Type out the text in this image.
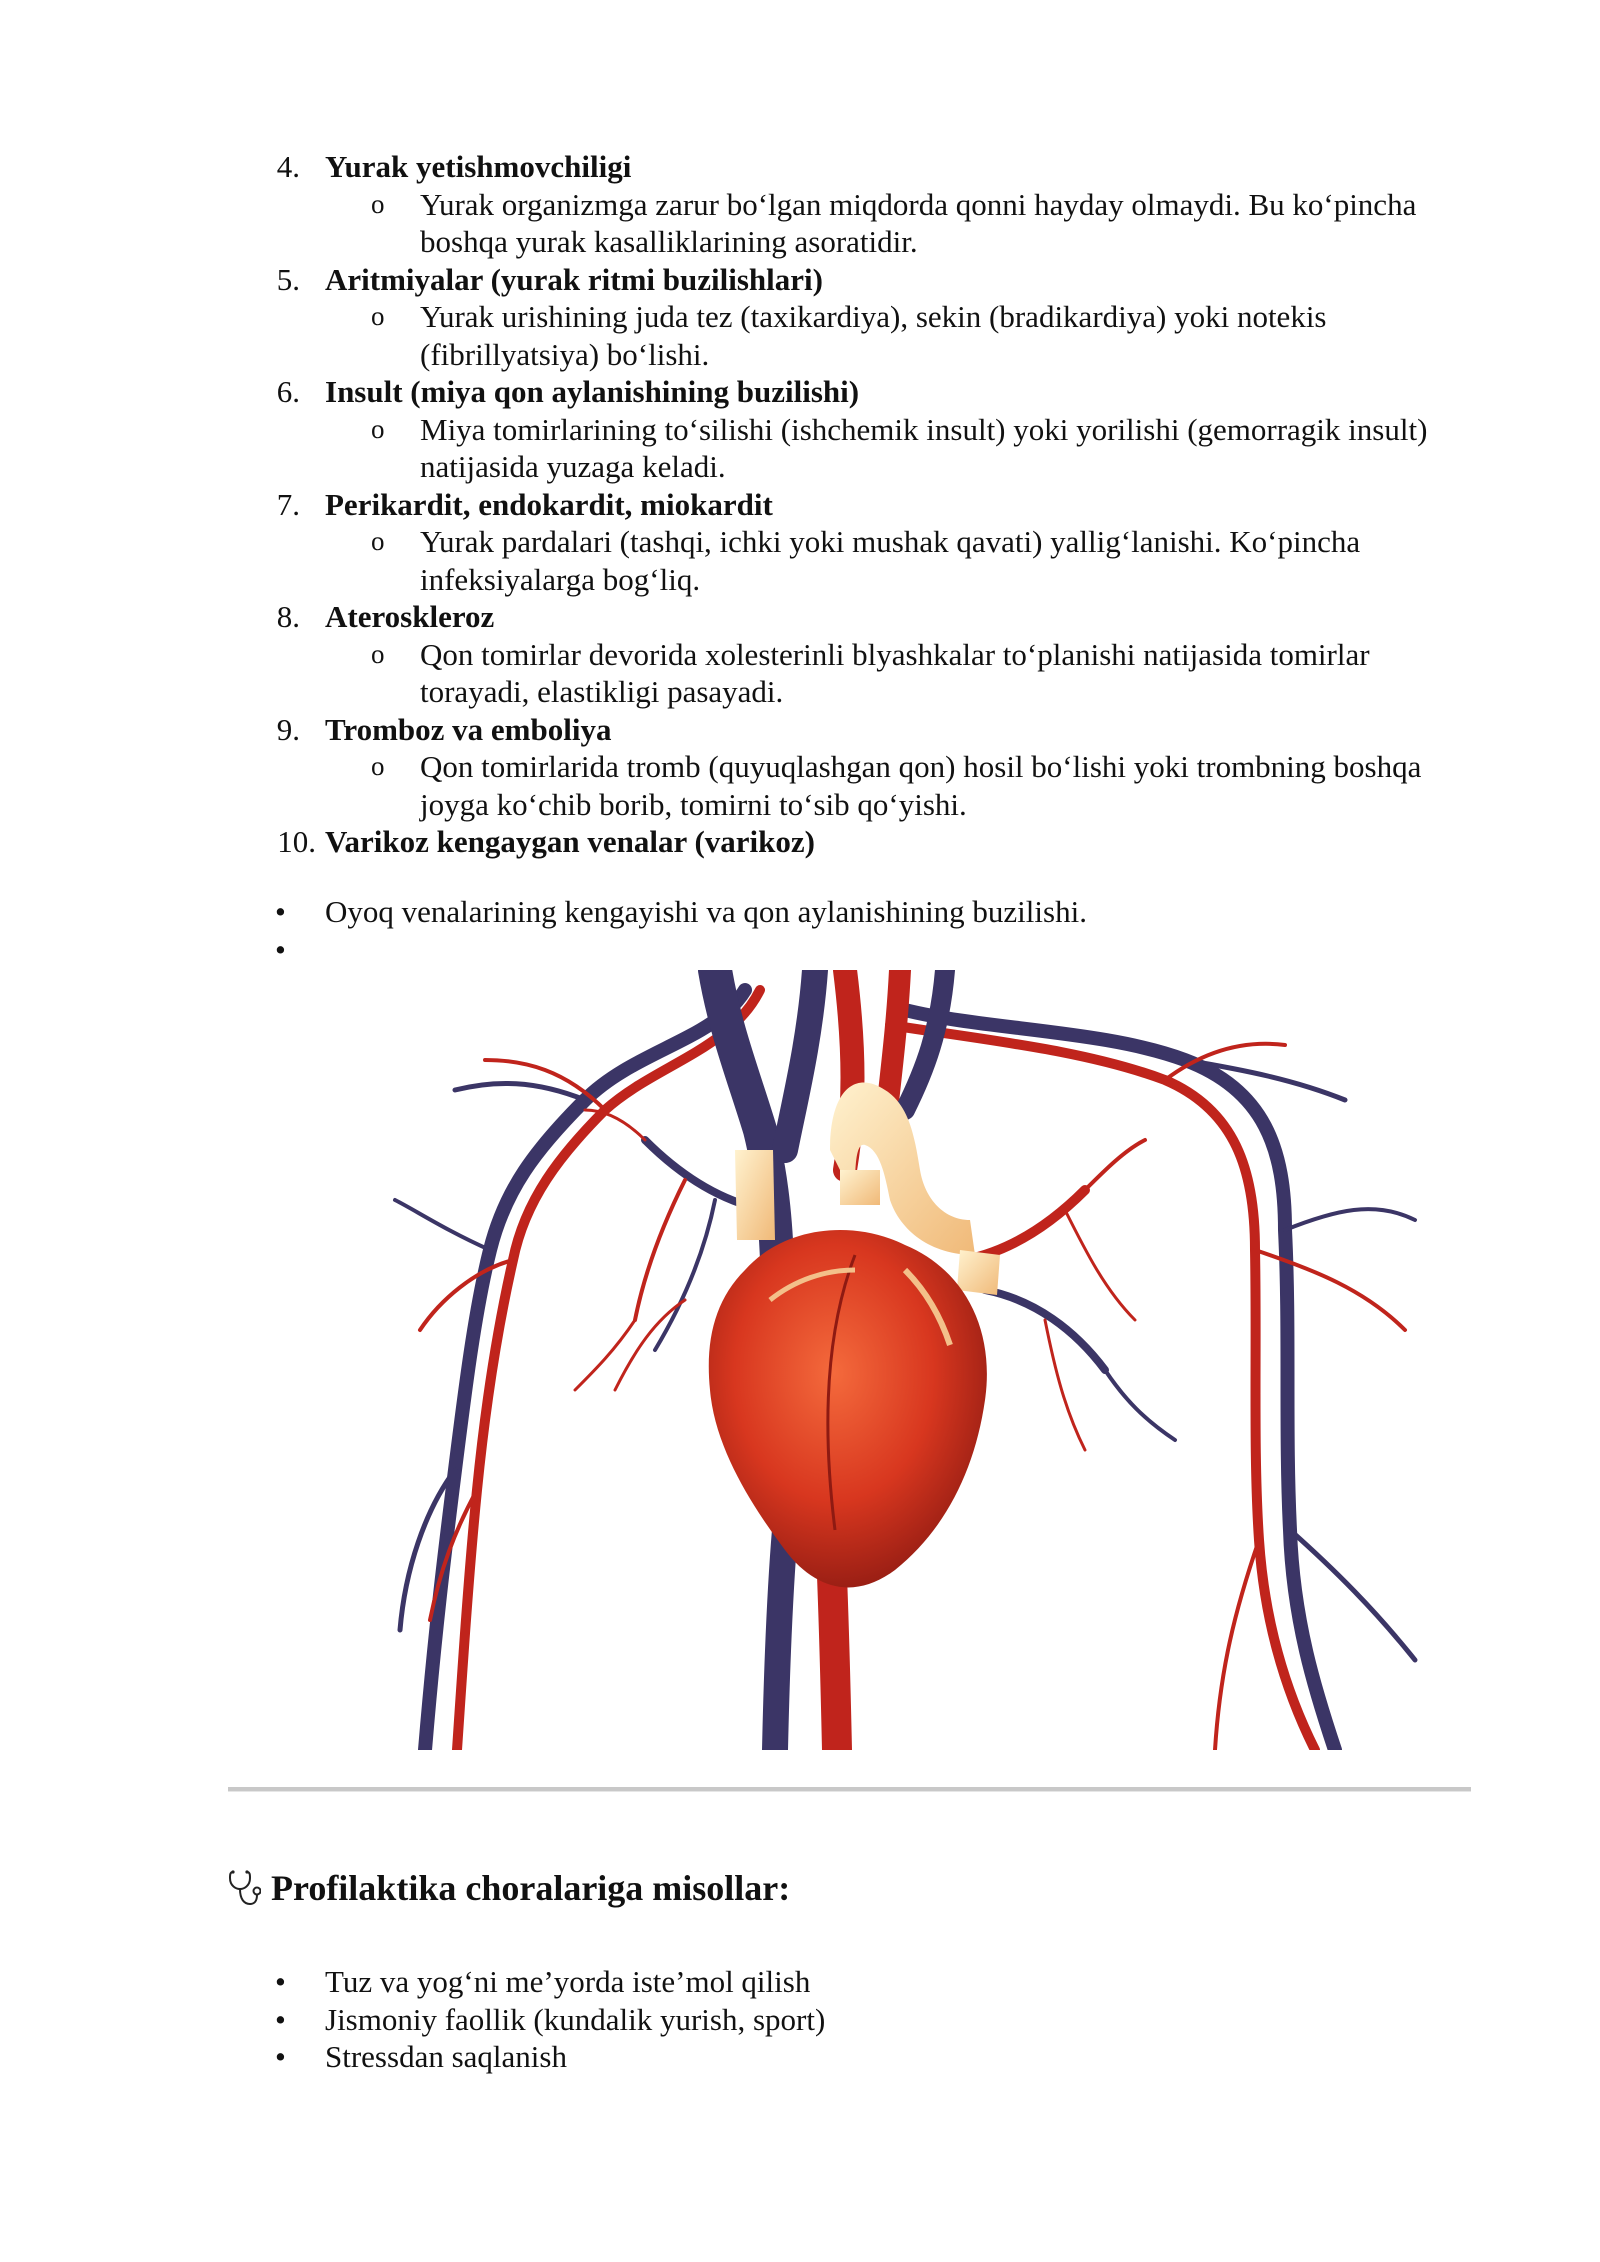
4. Yurak yetishmovchiligi
o Yurak organizmga zarur bo‘lgan miqdorda qonni hayday olmaydi. Bu ko‘pincha
boshqa yurak kasalliklarining asoratidir.
5. Aritmiyalar (yurak ritmi buzilishlari)
o Yurak urishining juda tez (taxikardiya), sekin (bradikardiya) yoki notekis
(fibrillyatsiya) bo‘lishi.
6. Insult (miya qon aylanishining buzilishi)
o Miya tomirlarining to‘silishi (ishchemik insult) yoki yorilishi (gemorragik insult)
natijasida yuzaga keladi.
7. Perikardit, endokardit, miokardit
o Yurak pardalari (tashqi, ichki yoki mushak qavati) yallig‘lanishi. Ko‘pincha
infeksiyalarga bog‘liq.
8. Ateroskleroz
o Qon tomirlar devorida xolesterinli blyashkalar to‘planishi natijasida tomirlar
torayadi, elastikligi pasayadi.
9. Tromboz va emboliya
o Qon tomirlarida tromb (quyuqlashgan qon) hosil bo‘lishi yoki trombning boshqa
joyga ko‘chib borib, tomirni to‘sib qo‘yishi.
10. Varikoz kengaygan venalar (varikoz)
• Oyoq venalarining kengayishi va qon aylanishining buzilishi.
•
Profilaktika choralariga misollar:
• Tuz va yog‘ni me’yorda iste’mol qilish
• Jismoniy faollik (kundalik yurish, sport)
• Stressdan saqlanish
